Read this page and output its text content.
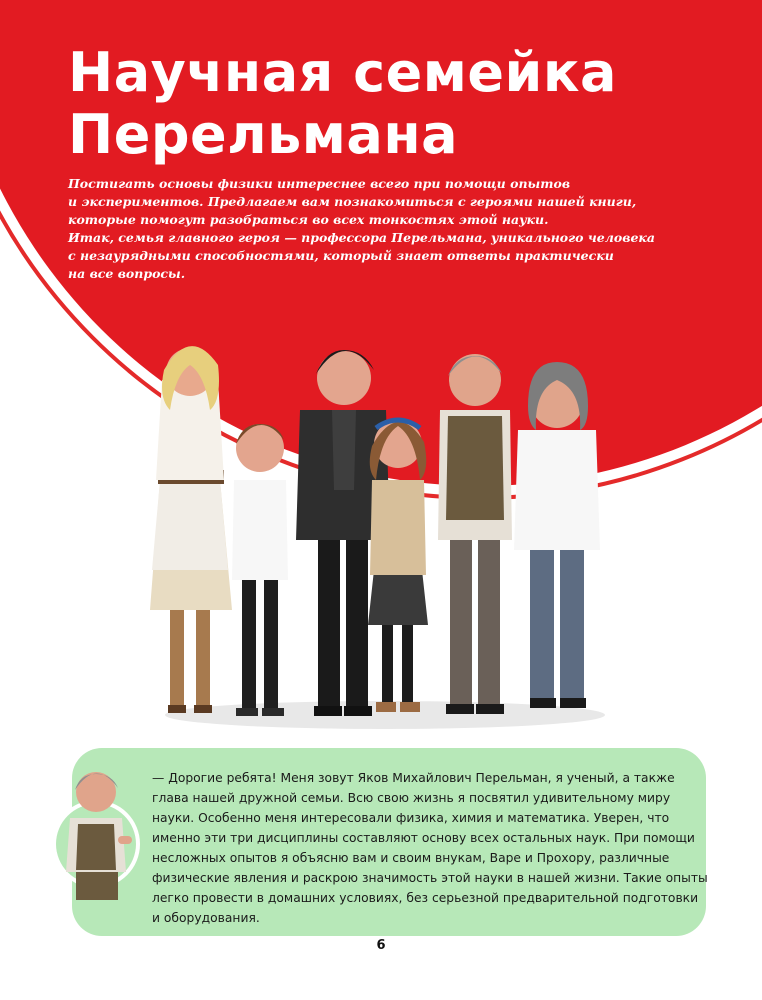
Научная семейка
Перельмана

Постигать основы физики интереснее всего при помощи опытов
и экспериментов. Предлагаем вам познакомиться с героями нашей книги,
которые помогут разобраться во всех тонкостях этой науки.
Итак, семья главного героя — профессора Перельмана, уникального человека
с незаурядными способностями, который знает ответы практически
на все вопросы.

— Дорогие ребята! Меня зовут Яков Михайлович Перельман, я ученый, а также
глава нашей дружной семьи. Всю свою жизнь я посвятил удивительному миру
науки. Особенно меня интересовали физика, химия и математика. Уверен, что
именно эти три дисциплины составляют основу всех остальных наук. При помощи
несложных опытов я объясню вам и своим внукам, Варе и Прохору, различные
физические явления и раскрою значимость этой науки в нашей жизни. Такие опыты
легко провести в домашних условиях, без серьезной предварительной подготовки
и оборудования.

6
